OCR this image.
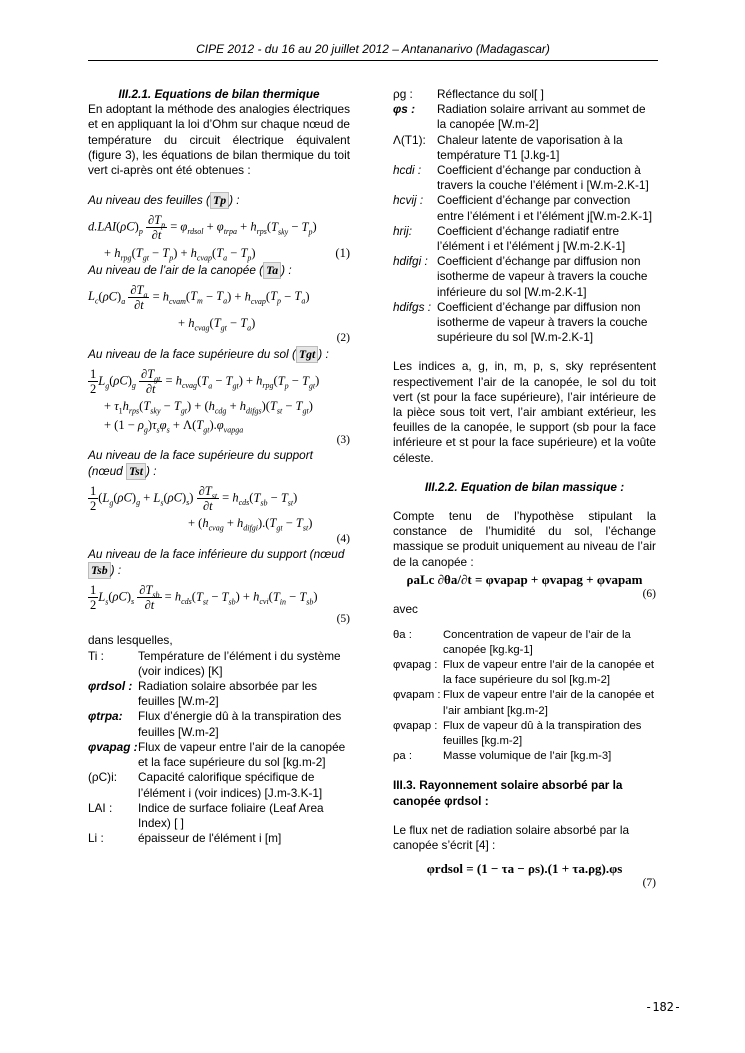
CIPE 2012 - du 16 au 20 juillet 2012 – Antananarivo (Madagascar)

III.2.1. Equations de bilan thermique

En adoptant la méthode des analogies électriques et en appliquant la loi d’Ohm sur chaque nœud de température du circuit électrique équivalent (figure 3), les équations de bilan thermique du toit vert ci-après ont été obtenues :

Au niveau des feuilles ( Tp ) :

$d.LAI(\rho C)_p \frac{\partial T_p}{\partial t} = \varphi_{rdsol} + \varphi_{trpa} + h_{rps}(T_{sky} - T_p)$
+ $h_{rpg}(T_{gt} - T_p) + h_{cvap}(T_a - T_p)$	(1)

Au niveau de l’air de la canopée ( Ta ) :

$L_c(\rho C)_a \frac{\partial T_a}{\partial t} = h_{cvam}(T_m - T_a) + h_{cvap}(T_p - T_a)$
+ $h_{cvag}(T_{gt} - T_a)$
(2)

Au niveau de la face supérieure du sol ( Tgt ) :

$\frac{1}{2} L_g(\rho C)_g \frac{\partial T_{gt}}{\partial t} = h_{cvag}(T_a - T_{gt}) + h_{rpg}(T_p - T_{gt})$
+ $\tau_1h_{rps}(T_{sky} - T_{gt}) + (h_{cdg} + h_{difgs})(T_{st} - T_{gt})$
+ $(1 - \rho_g)\tau_s\varphi_s + \Lambda(T_{gt}).\varphi_{vapga}$
(3)

Au niveau de la face supérieure du support (nœud Tst ) :

$\frac{1}{2} (L_g(\rho C)_g + L_s(\rho C)_s) \frac{\partial T_{st}}{\partial t} = h_{cds}(T_{sb} - T_{st})$
+ $(h_{cvag} + h_{difgi}).(T_{gt} - T_{st})$
(4)

Au niveau de la face inférieure du support (nœud Tsb ) :

$\frac{1}{2} L_s(\rho C)_s \frac{\partial T_{sb}}{\partial t} = h_{cds}(T_{st} - T_{sb}) + h_{cvi}(T_{in} - T_{sb})$
(5)

dans lesquelles,

Ti :	Température de l’élément i du système (voir indices) [K]
φrdsol : Radiation solaire absorbée par les feuilles [W.m-2]
φtrpa:	Flux d’énergie dû à la transpiration des feuilles [W.m-2]
φvapag : Flux de vapeur entre l’air de la canopée et la face supérieure du sol [kg.m-2]
(ρC)i:	Capacité calorifique spécifique de l’élément i (voir indices) [J.m-3.K-1]
LAI :	Indice de surface foliaire (Leaf Area Index) [ ]
Li :	épaisseur de l'élément i [m]
ρg :	Réflectance du sol[ ]
φs :	Radiation solaire arrivant au sommet de la canopée [W.m-2]
Λ(T1): Chaleur latente de vaporisation à la température T1 [J.kg-1]
hcdi :	Coefficient d’échange par conduction à travers la couche l’élément i [W.m-2.K-1]
hcvij :	Coefficient d’échange par convection entre l’élément i et l’élément j[W.m-2.K-1]
hrij:	Coefficient d’échange radiatif entre l’élément i et l’élément j [W.m-2.K-1]
hdifgi : Coefficient d’échange par diffusion non isotherme de vapeur à travers la couche inférieure du sol [W.m-2.K-1]
hdifgs : Coefficient d’échange par diffusion non isotherme de vapeur à travers la couche supérieure du sol [W.m-2.K-1]

Les indices a, g, in, m, p, s, sky représentent respectivement l’air de la canopée, le sol du toit vert (st pour la face supérieure), l’air intérieure de la pièce sous toit vert, l’air ambiant extérieur, les feuilles de la canopée, le support (sb pour la face inférieure et st pour la face supérieure) et la voûte céleste.

III.2.2. Equation de bilan massique :

Compte tenu de l’hypothèse stipulant la constance de l’humidité du sol, l’échange massique se produit uniquement au niveau de l’air de la canopée :

ρaLc ∂θa/∂t = φvapap + φvapag + φvapam
(6)

avec

θa :	Concentration de vapeur de l’air de la canopée [kg.kg-1]
φvapag : Flux de vapeur entre l’air de la canopée et la face supérieure du sol [kg.m-2]
φvapam : Flux de vapeur entre l’air de la canopée et l’air ambiant [kg.m-2]
φvapap : Flux de vapeur dû à la transpiration des feuilles [kg.m-2]
ρa :	Masse volumique de l’air [kg.m-3]

III.3. Rayonnement solaire absorbé par la canopée φrdsol :

Le flux net de radiation solaire absorbé par la canopée s’écrit [4] :

φrdsol = (1 − τa − ρs).(1 + τa.ρg).φs
(7)
-182-
